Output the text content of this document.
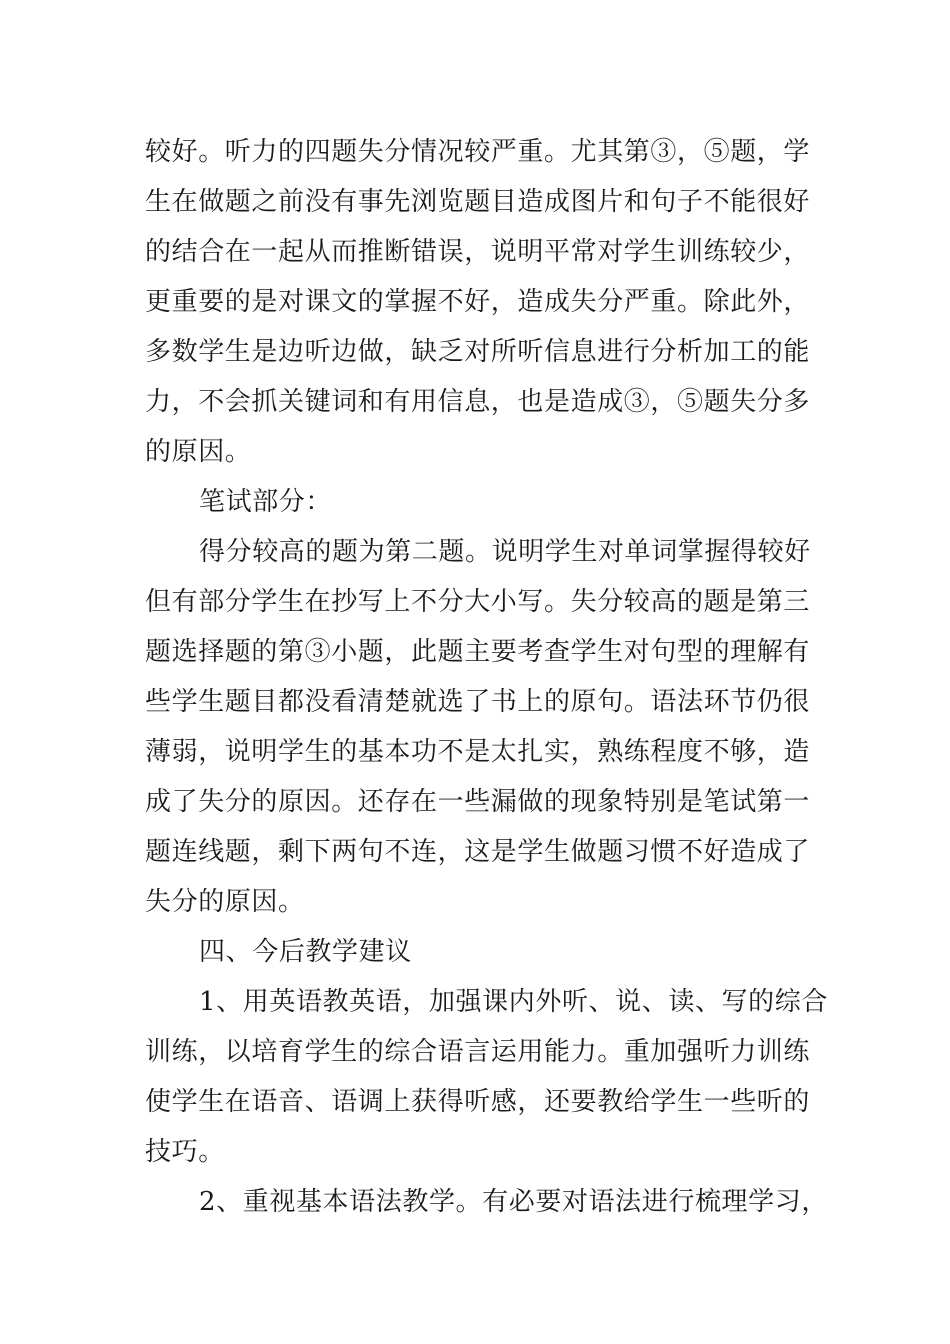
较好。听力的四题失分情况较严重。尤其第③，⑤题，学
生在做题之前没有事先浏览题目造成图片和句子不能很好
的结合在一起从而推断错误，说明平常对学生训练较少，
更重要的是对课文的掌握不好，造成失分严重。除此外，
多数学生是边听边做，缺乏对所听信息进行分析加工的能
力，不会抓关键词和有用信息，也是造成③，⑤题失分多
的原因。
笔试部分：
得分较高的题为第二题。说明学生对单词掌握得较好
但有部分学生在抄写上不分大小写。失分较高的题是第三
题选择题的第③小题，此题主要考查学生对句型的理解有
些学生题目都没看清楚就选了书上的原句。语法环节仍很
薄弱，说明学生的基本功不是太扎实，熟练程度不够，造
成了失分的原因。还存在一些漏做的现象特别是笔试第一
题连线题，剩下两句不连，这是学生做题习惯不好造成了
失分的原因。
四、今后教学建议
1、用英语教英语，加强课内外听、说、读、写的综合
训练，以培育学生的综合语言运用能力。重加强听力训练
使学生在语音、语调上获得听感，还要教给学生一些听的
技巧。
2、重视基本语法教学。有必要对语法进行梳理学习，
